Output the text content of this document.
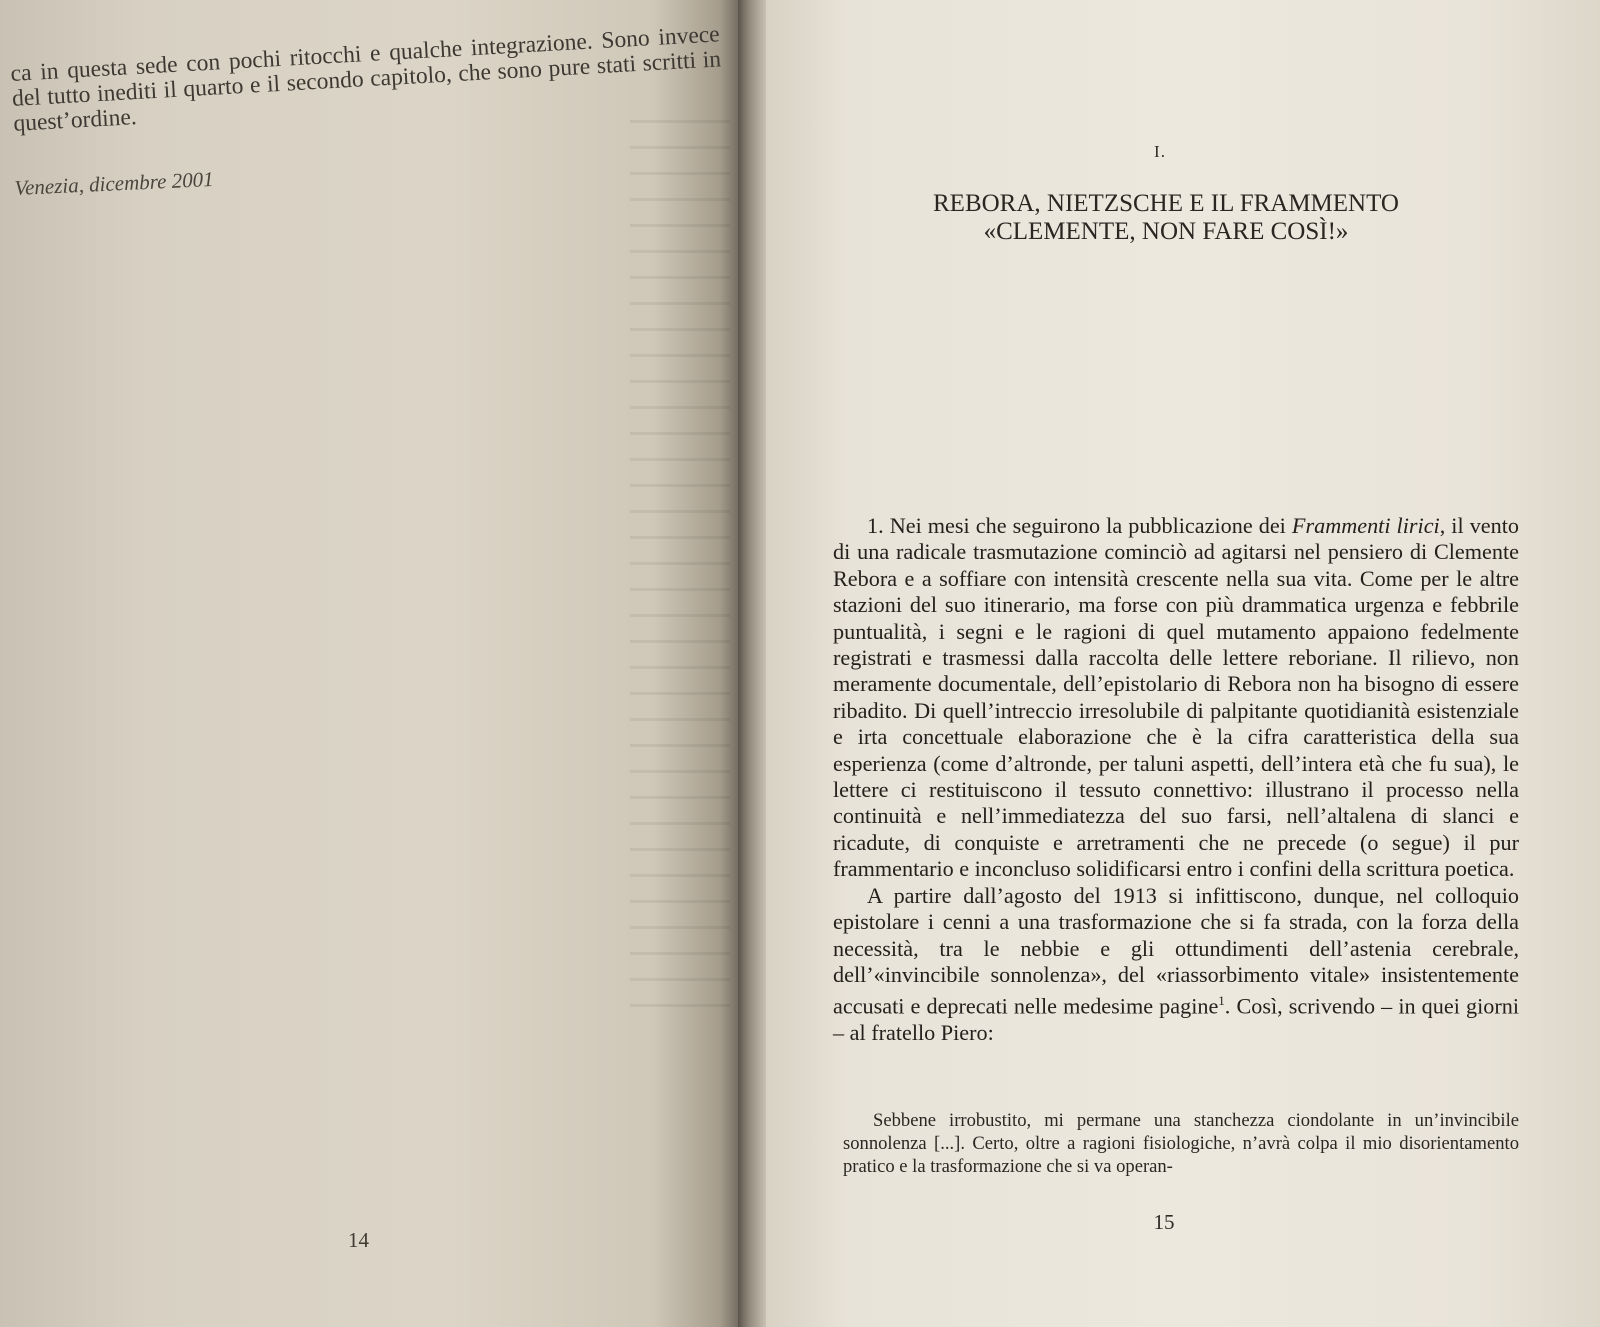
ca in questa sede con pochi ritocchi e qualche integrazione. Sono invece del tutto inediti il quarto e il secondo capitolo, che sono pure stati scritti in quest’ordine.

Venezia, dicembre 2001
14
I.
REBORA, NIETZSCHE E IL FRAMMENTO
«CLEMENTE, NON FARE COSÌ!»

1. Nei mesi che seguirono la pubblicazione dei Frammenti lirici, il vento di una radicale trasmutazione cominciò ad agitarsi nel pensiero di Clemente Rebora e a soffiare con intensità crescente nella sua vita. Come per le altre stazioni del suo itinerario, ma forse con più drammatica urgenza e febbrile puntualità, i segni e le ragioni di quel mutamento appaiono fedelmente registrati e trasmessi dalla raccolta delle lettere reboriane. Il rilievo, non meramente documentale, dell’epistolario di Rebora non ha bisogno di essere ribadito. Di quell’intreccio irresolubile di palpitante quotidianità esistenziale e irta concettuale elaborazione che è la cifra caratteristica della sua esperienza (come d’altronde, per taluni aspetti, dell’intera età che fu sua), le lettere ci restituiscono il tessuto connettivo: illustrano il processo nella continuità e nell’immediatezza del suo farsi, nell’altalena di slanci e ricadute, di conquiste e arretramenti che ne precede (o segue) il pur frammentario e inconcluso solidificarsi entro i confini della scrittura poetica.

A partire dall’agosto del 1913 si infittiscono, dunque, nel colloquio epistolare i cenni a una trasformazione che si fa strada, con la forza della necessità, tra le nebbie e gli ottundimenti dell’astenia cerebrale, dell’«invincibile sonnolenza», del «riassorbimento vitale» insistentemente accusati e deprecati nelle medesime pagine$^1$. Così, scrivendo – in quei giorni – al fratello Piero:

Sebbene irrobustito, mi permane una stanchezza ciondolante in un’invincibile sonnolenza [...]. Certo, oltre a ragioni fisiologiche, n’avrà colpa il mio disorientamento pratico e la trasformazione che si va operan-

15
